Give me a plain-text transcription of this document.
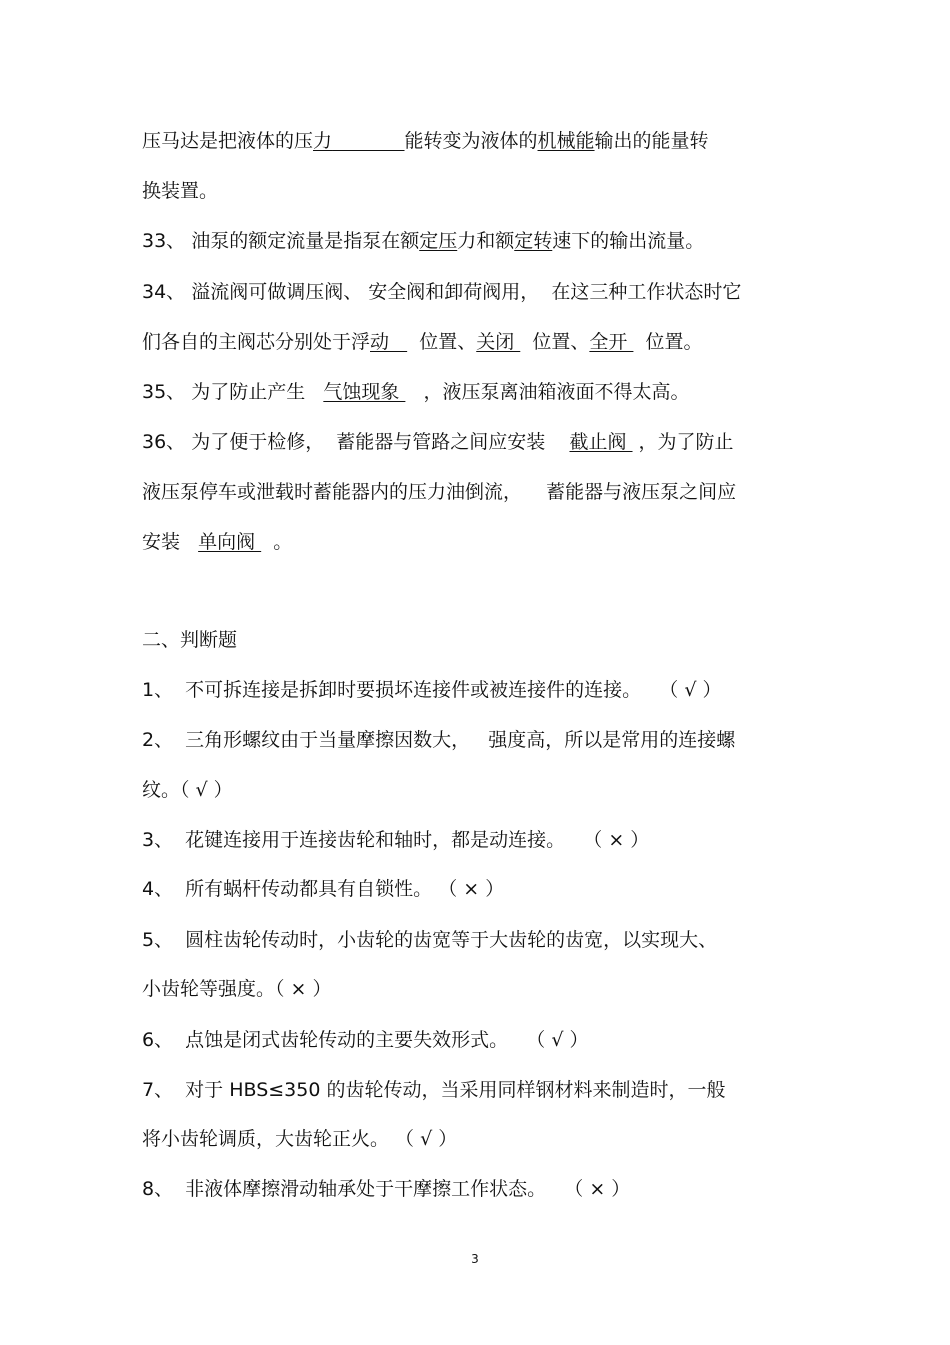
压马达是把液体的压力	能转变为液体的机械能输出的能量转
换装置。
33、 油泵的额定流量是指泵在额定压力和额定转速下的输出流量。
34、 溢流阀可做调压阀、 安全阀和卸荷阀用，  在这三种工作状态时它
们各自的主阀芯分别处于浮动     位置、关闭   位置、全开   位置。
35、 为了防止产生   气蚀现象    ，液压泵离油箱液面不得太高。
36、 为了便于检修，  蓄能器与管路之间应安装    截止阀  ，为了防止
液压泵停车或泄载时蓄能器内的压力油倒流，    蓄能器与液压泵之间应
安装   单向阀   。
二、判断题
1、  不可拆连接是拆卸时要损坏连接件或被连接件的连接。   （ √ ）
2、  三角形螺纹由于当量摩擦因数大，   强度高，所以是常用的连接螺
纹。（ √ ）
3、  花键连接用于连接齿轮和轴时，都是动连接。   （ × ）
4、  所有蜗杆传动都具有自锁性。 （ × ）
5、  圆柱齿轮传动时，小齿轮的齿宽等于大齿轮的齿宽，以实现大、
小齿轮等强度。（ × ）
6、  点蚀是闭式齿轮传动的主要失效形式。   （ √ ）
7、  对于 HBS≤350 的齿轮传动，当采用同样钢材料来制造时，一般
将小齿轮调质，大齿轮正火。 （ √ ）
8、  非液体摩擦滑动轴承处于干摩擦工作状态。   （ × ）
3
